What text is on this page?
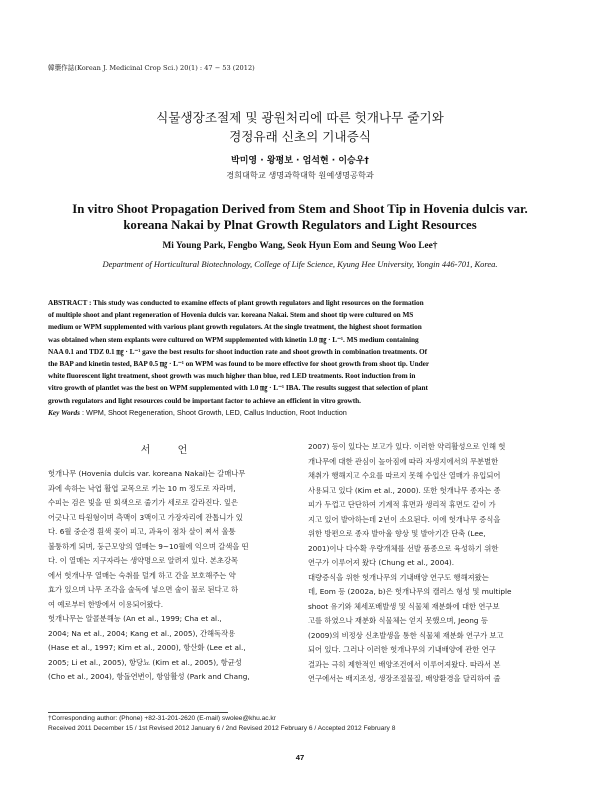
韓藥作誌(Korean J. Medicinal Crop Sci.) 20(1) : 47 − 53 (2012)
식물생장조절제 및 광원처리에 따른 헛개나무 줄기와
경정유래 신초의 기내증식
박미영 · 왕평보 · 엄석현 · 이승우†
경희대학교 생명과학대학 원예생명공학과
In vitro Shoot Propagation Derived from Stem and Shoot Tip in Hovenia dulcis var.
koreana Nakai by Plnat Growth Regulators and Light Resources
Mi Young Park, Fengbo Wang, Seok Hyun Eom and Seung Woo Lee†
Department of Horticultural Biotechnology, College of Life Science, Kyung Hee University, Yongin 446-701, Korea.
ABSTRACT : This study was conducted to examine effects of plant growth regulators and light resources on the formation
of multiple shoot and plant regeneration of Hovenia dulcis var. koreana Nakai. Stem and shoot tip were cultured on MS
medium or WPM supplemented with various plant growth regulators. At the single treatment, the highest shoot formation
was obtained when stem explants were cultured on WPM supplemented with kinetin 1.0 ㎎ · L⁻¹. MS medium containing
NAA 0.1 and TDZ 0.1 ㎎ · L⁻¹ gave the best results for shoot induction rate and shoot growth in combination treatments. Of
the BAP and kinetin tested, BAP 0.5 ㎎ · L⁻¹ on WPM was found to be more effective for shoot growth from shoot tip. Under
white fluorescent light treatment, shoot growth was much higher than blue, red LED treatments. Root induction from in
vitro growth of plantlet was the best on WPM supplemented with 1.0 ㎎ · L⁻¹ IBA. The results suggest that selection of plant
growth regulators and light resources could be important factor to achieve an efficient in vitro growth.
Key Words : WPM, Shoot Regeneration, Shoot Growth, LED, Callus Induction, Root Induction
서 언
헛개나무 (Hovenia dulcis var. koreana Nakai)는 갈매나무
과에 속하는 낙엽 활엽 교목으로 키는 10 m 정도로 자라며,
수피는 검은 빛을 띤 회색으로 줄기가 세로로 갈라진다. 잎은
어긋나고 타원형이며 측맥이 3맥이고 가장자리에 잔톱니가 있
다. 6월 중순경 흰색 꽃이 피고, 과육이 점차 살이 찌서 울퉁
불퉁하게 되며, 둥근모양의 열매는 9~10월에 익으며 갈색을 띤
다. 이 열매는 지구자라는 생약명으로 알려져 있다. 본초강목
에서 헛개나무 열매는 숙취를 덜게 하고 간을 보호해주는 약
효가 있으며 나무 조각을 술독에 넣으면 술이 물로 된다고 하
여 예로부터 한방에서 이용되어왔다.
헛개나무는 알콜분해능 (An et al., 1999; Cha et al.,
2004; Na et al., 2004; Kang et al., 2005), 간해독작용
(Hase et al., 1997; Kim et al., 2000), 항산화 (Lee et al.,
2005; Li et al., 2005), 항당뇨 (Kim et al., 2005), 항균성
(Cho et al., 2004), 항돌연변이, 항암활성 (Park and Chang,
2007) 등이 있다는 보고가 있다. 이러한 약리활성으로 인해 헛
개나무에 대한 관심이 높아짐에 따라 자생지에서의 무분별한
채취가 행해지고 수요를 따르지 못해 수입산 열매가 유입되어
사용되고 있다 (Kim et al., 2000). 또한 헛개나무 종자는 종
피가 두껍고 단단하여 기계적 휴면과 생리적 휴면도 같이 가
지고 있어 발아하는데 2년이 소요된다. 이에 헛개나무 증식을
위한 방편으로 종자 발아율 향상 및 발아기간 단축 (Lee,
2001)이나 다수확 우량개체를 선발 품종으로 육성하기 위한
연구가 이루어져 왔다 (Chung et al., 2004).
대량증식을 위한 헛개나무의 기내배양 연구도 행해져왔는
데, Eom 등 (2002a, b)은 헛개나무의 캘러스 형성 및 multiple
shoot 유기와 체세포배발생 및 식물체 재분화에 대한 연구보
고를 하였으나 재분화 식물체는 얻지 못했으며, Jeong 등
(2009)의 비정상 신초발생을 통한 식물체 재분화 연구가 보고
되어 있다. 그러나 이러한 헛개나무의 기내배양에 관한 연구
결과는 극히 제한적인 배양조건에서 이루어져왔다. 따라서 본
연구에서는 배지조성, 생장조절물질, 배양환경을 달리하여 줄
†Corresponding author: (Phone) +82-31-201-2620 (E-mail) swolee@khu.ac.kr
Received 2011 December 15 / 1st Revised 2012 January 6 / 2nd Revised 2012 February 6 / Accepted 2012 February 8
47
